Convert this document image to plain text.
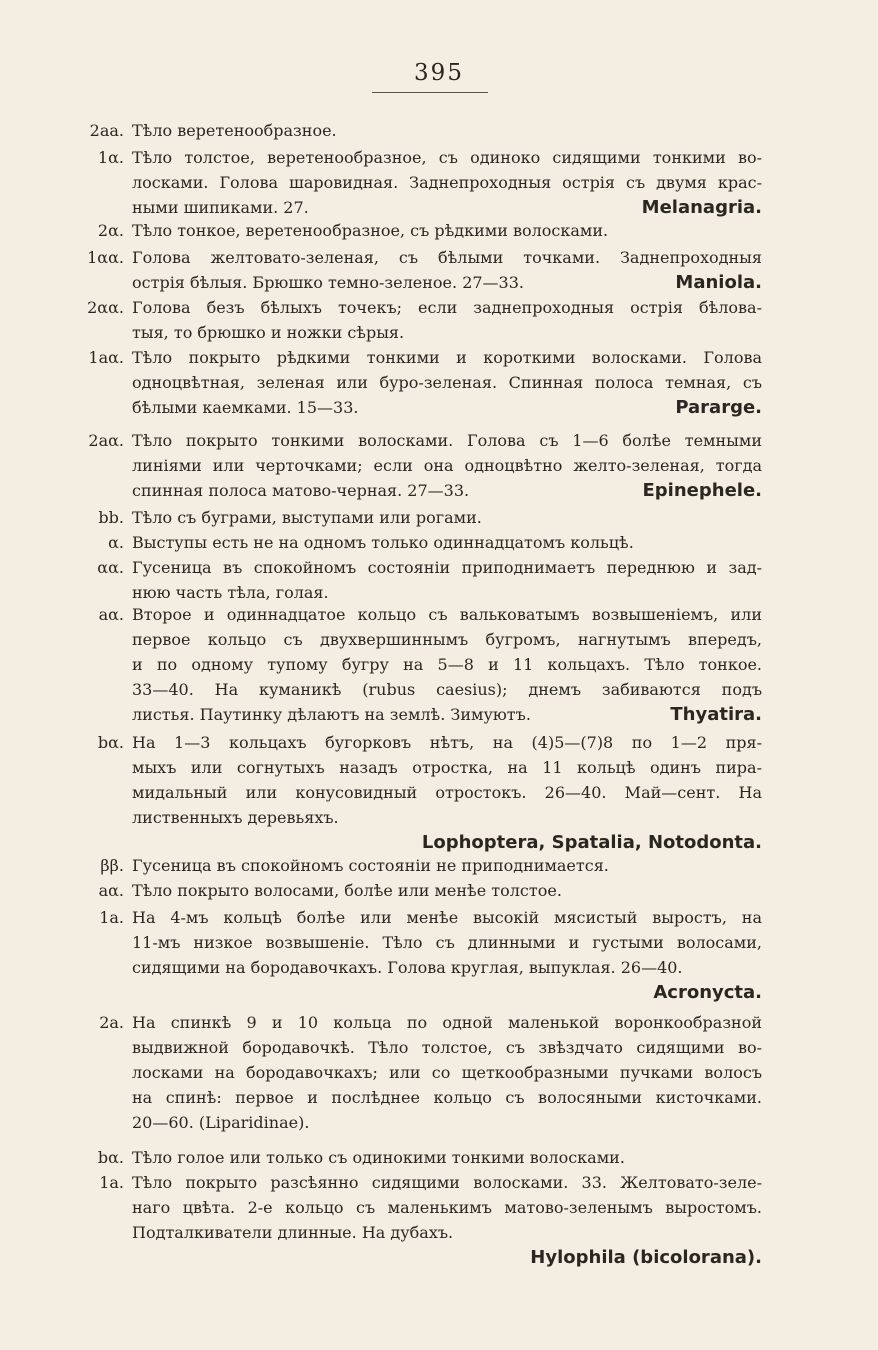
395
2aa. Тѣло веретенообразное.
1α. Тѣло толстое, веретенообразное, съ одиноко сидящими тонкими во-
лосками. Голова шаровидная. Заднепроходныя острія съ двумя крас-
ными шипиками. 27.	Melanagria.
2α. Тѣло тонкое, веретенообразное, съ рѣдкими волосками.
1αα. Голова желтовато-зеленая, съ бѣлыми точками. Заднепроходныя
острія бѣлыя. Брюшко темно-зеленое. 27—33.	Maniola.
2αα. Голова безъ бѣлыхъ точекъ; если заднепроходныя острія бѣлова-
тыя, то брюшко и ножки сѣрыя.
1aα. Тѣло покрыто рѣдкими тонкими и короткими волосками. Голова
одноцвѣтная, зеленая или буро-зеленая. Спинная полоса темная, съ
бѣлыми каемками. 15—33.	Pararge.
2aα. Тѣло покрыто тонкими волосками. Голова съ 1—6 болѣе темными
линіями или черточками; если она одноцвѣтно желто-зеленая, тогда
спинная полоса матово-черная. 27—33.	Epinephele.
bb. Тѣло съ буграми, выступами или рогами.
α. Выступы есть не на одномъ только одиннадцатомъ кольцѣ.
αα. Гусеница въ спокойномъ состояніи приподнимаетъ переднюю и зад-
нюю часть тѣла, голая.
aα. Второе и одиннадцатое кольцо съ вальковатымъ возвышеніемъ, или
первое кольцо съ двухвершиннымъ бугромъ, нагнутымъ впередъ,
и по одному тупому бугру на 5—8 и 11 кольцахъ. Тѣло тонкое.
33—40. На куманикѣ (rubus caesius); днемъ забиваются подъ
листья. Паутинку дѣлаютъ на землѣ. Зимуютъ.	Thyatira.
bα. На 1—3 кольцахъ бугорковъ нѣтъ, на (4)5—(7)8 по 1—2 пря-
мыхъ или согнутыхъ назадъ отростка, на 11 кольцѣ одинъ пира-
мидальный или конусовидный отростокъ. 26—40. Май—сент. На
лиственныхъ деревьяхъ.
Lophoptera, Spatalia, Notodonta.
ββ. Гусеница въ спокойномъ состояніи не приподнимается.
aα. Тѣло покрыто волосами, болѣе или менѣе толстое.
1a. На 4-мъ кольцѣ болѣе или менѣе высокій мясистый выростъ, на
11-мъ низкое возвышеніе. Тѣло съ длинными и густыми волосами,
сидящими на бородавочкахъ. Голова круглая, выпуклая. 26—40.
Acronycta.
2a. На спинкѣ 9 и 10 кольца по одной маленькой воронкообразной
выдвижной бородавочкѣ. Тѣло толстое, съ звѣздчато сидящими во-
лосками на бородавочкахъ; или со щеткообразными пучками волосъ
на спинѣ: первое и послѣднее кольцо съ волосяными кисточками.
20—60. (Liparidinae).
bα. Тѣло голое или только съ одинокими тонкими волосками.
1a. Тѣло покрыто разсѣянно сидящими волосками. 33. Желтовато-зеле-
наго цвѣта. 2-е кольцо съ маленькимъ матово-зеленымъ выростомъ.
Подталкиватели длинные. На дубахъ.
Hylophila (bicolorana).
